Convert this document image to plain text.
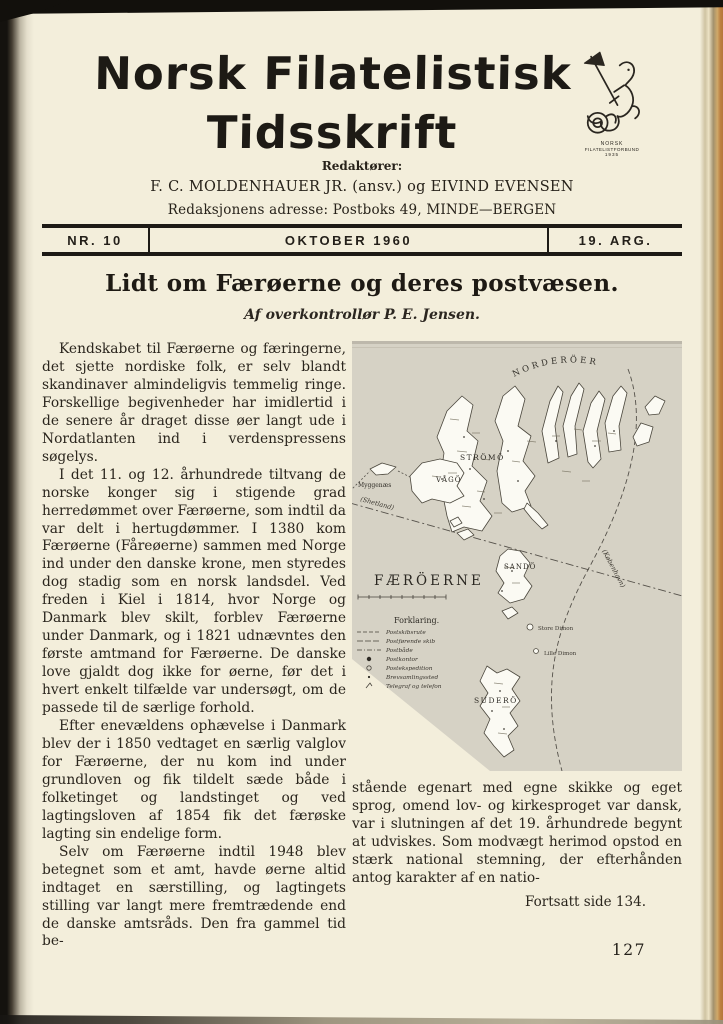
Norsk Filatelistisk
Tidsskrift	NORSK
FILATELISTFORBUND
1935
Redaktører:
F. C. MOLDENHAUER JR. (ansv.) og EIVIND EVENSEN
Redaksjonens adresse: Postboks 49, MINDE—BERGEN
NR. 10	OKTOBER 1960	19. ARG.
Lidt om Færøerne og deres postvæsen.
Af overkontrollør P. E. Jensen.

Kendskabet til Færøerne og færingerne, det sjette nordiske folk, er selv blandt skandinaver almindeligvis temmelig ringe. Forskellige begivenheder har imidlertid i de senere år draget disse øer langt ude i Nordatlanten ind i verdenspressens søgelys.

I det 11. og 12. århundrede tiltvang de norske konger sig i stigende grad herredømmet over Færøerne, som indtil da var delt i hertugdømmer. I 1380 kom Færøerne (Fåreøerne) sammen med Norge ind under den danske krone, men styredes dog stadig som en norsk landsdel. Ved freden i Kiel i 1814, hvor Norge og Danmark blev skilt, forblev Færøerne under Danmark, og i 1821 udnævntes den første amtmand for Færøerne. De danske love gjaldt dog ikke for øerne, før det i hvert enkelt tilfælde var undersøgt, om de passede til de særlige forhold.

Efter enevældens ophævelse i Danmark blev der i 1850 vedtaget en særlig valglov for Færøerne, der nu kom ind under grundloven og fik tildelt sæde både i folketinget og landstinget og ved lagtingsloven af 1854 fik det færøske lagting sin endelige form.

Selv om Færøerne indtil 1948 blev betegnet som et amt, havde øerne altid indtaget en særstilling, og lagtingets stilling var langt mere fremtrædende end de danske amtsråds. Den fra gammel tid be-

NORDERÖER
STRÖMÖ
VÅGÖ
SANDÖ
SUDERÖ
Myggenæs
Store Dimon
Lille Dimon
(Shetland)
(København)
FÆRÖERNE
Forklaring.
Postskibsrute
Postførende skib
Postbåde
Postkontor
Postekspedition
Brevsamlingssted
Telegraf og telefon

stående egenart med egne skikke og eget sprog, omend lov- og kirkesproget var dansk, var i slutningen af det 19. århundrede begynt at udviskes. Som modvægt herimod opstod en stærk national stemning, der efterhånden antog karakter af en natio-

Fortsatt side 134.
127
